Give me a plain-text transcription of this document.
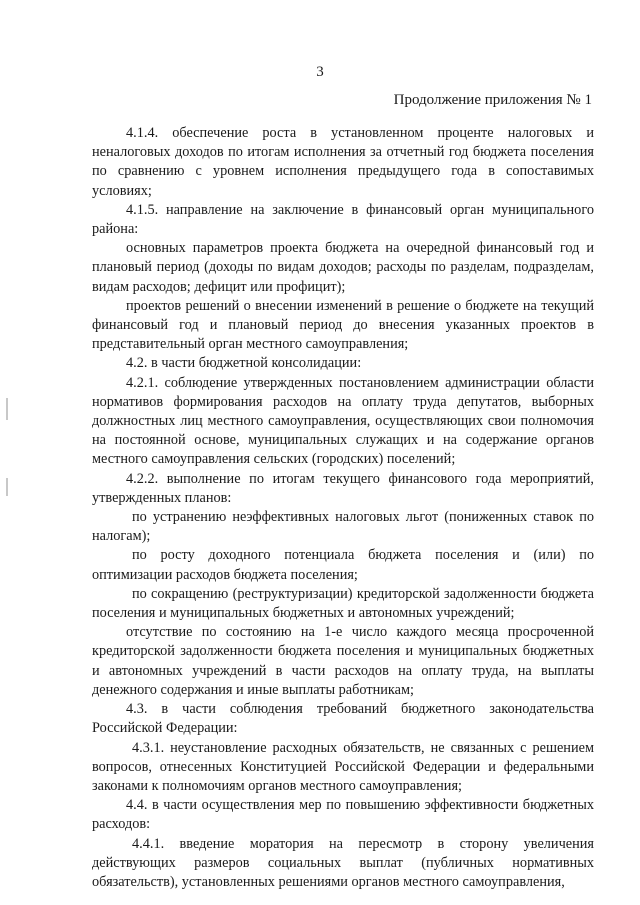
3
Продолжение приложения № 1

4.1.4. обеспечение роста в установленном проценте налоговых и неналоговых доходов по итогам исполнения за отчетный год бюджета поселения по сравнению с уровнем исполнения предыдущего года в сопоставимых условиях;

4.1.5. направление на заключение в финансовый орган муниципального района:

основных параметров проекта бюджета на очередной финансовый год и плановый период (доходы по видам доходов; расходы по разделам, подразделам, видам расходов; дефицит или профицит);

проектов решений о внесении изменений в решение о бюджете на текущий финансовый год и плановый период до внесения указанных проектов в представительный орган местного самоуправления;

4.2. в части бюджетной консолидации:

4.2.1. соблюдение утвержденных постановлением администрации области нормативов формирования расходов на оплату труда депутатов, выборных должностных лиц местного самоуправления, осуществляющих свои полномочия на постоянной основе, муниципальных служащих и на содержание органов местного самоуправления сельских (городских) поселений;

4.2.2. выполнение по итогам текущего финансового года мероприятий, утвержденных планов:

по устранению неэффективных налоговых льгот (пониженных ставок по налогам);

по росту доходного потенциала бюджета поселения и (или) по оптимизации расходов бюджета поселения;

по сокращению (реструктуризации) кредиторской задолженности бюджета поселения и муниципальных бюджетных и автономных учреждений;

отсутствие по состоянию на 1-е число каждого месяца просроченной кредиторской задолженности бюджета поселения и муниципальных бюджетных и автономных учреждений в части расходов на оплату труда, на выплаты денежного содержания и иные выплаты работникам;

4.3. в части соблюдения требований бюджетного законодательства Российской Федерации:

4.3.1. неустановление расходных обязательств, не связанных с решением вопросов, отнесенных Конституцией Российской Федерации и федеральными законами к полномочиям органов местного самоуправления;

4.4. в части осуществления мер по повышению эффективности бюджетных расходов:

4.4.1. введение моратория на пересмотр в сторону увеличения действующих размеров социальных выплат (публичных нормативных обязательств), установленных решениями органов местного самоуправления,
